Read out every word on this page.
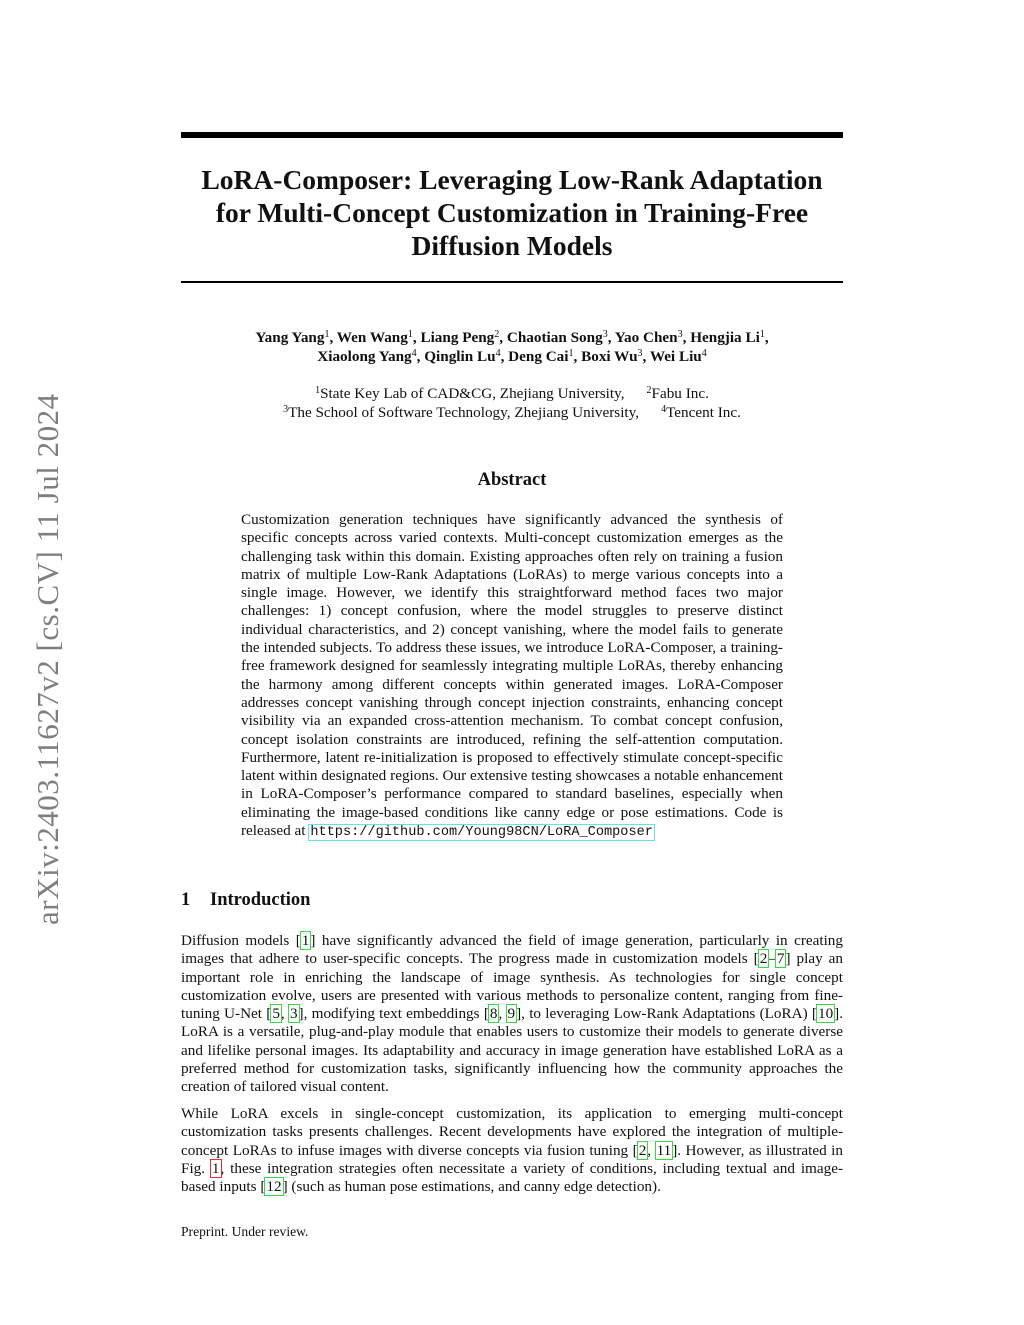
arXiv:2403.11627v2 [cs.CV] 11 Jul 2024
LoRA-Composer: Leveraging Low-Rank Adaptation
for Multi-Concept Customization in Training-Free
Diffusion Models
Yang Yang$^1$, Wen Wang$^1$, Liang Peng$^2$, Chaotian Song$^3$, Yao Chen$^3$, Hengjia Li$^1$,
Xiaolong Yang$^4$, Qinglin Lu$^4$, Deng Cai$^1$, Boxi Wu$^3$, Wei Liu$^4$
$^1$State Key Lab of CAD&CG, Zhejiang University, $^2$Fabu Inc.
$^3$The School of Software Technology, Zhejiang University, $^4$Tencent Inc.
Abstract
Customization generation techniques have significantly advanced the synthesis of specific concepts across varied contexts. Multi-concept customization emerges as the challenging task within this domain. Existing approaches often rely on training a fusion matrix of multiple Low-Rank Adaptations (LoRAs) to merge various concepts into a single image. However, we identify this straightforward method faces two major challenges: 1) concept confusion, where the model struggles to preserve distinct individual characteristics, and 2) concept vanishing, where the model fails to generate the intended subjects. To address these issues, we introduce LoRA-Composer, a training-free framework designed for seamlessly integrating multiple LoRAs, thereby enhancing the harmony among different concepts within generated images. LoRA-Composer addresses concept vanishing through concept injection constraints, enhancing concept visibility via an expanded cross-attention mechanism. To combat concept confusion, concept isolation constraints are introduced, refining the self-attention computation. Furthermore, latent re-initialization is proposed to effectively stimulate concept-specific latent within designated regions. Our extensive testing showcases a notable enhancement in LoRA-Composer’s performance compared to standard baselines, especially when eliminating the image-based conditions like canny edge or pose estimations. Code is released at https://github.com/Young98CN/LoRA_Composer
1 Introduction
Diffusion models [1] have significantly advanced the field of image generation, particularly in creating images that adhere to user-specific concepts. The progress made in customization models [2–7] play an important role in enriching the landscape of image synthesis. As technologies for single concept customization evolve, users are presented with various methods to personalize content, ranging from fine-tuning U-Net [5, 3], modifying text embeddings [8, 9], to leveraging Low-Rank Adaptations (LoRA) [10]. LoRA is a versatile, plug-and-play module that enables users to customize their models to generate diverse and lifelike personal images. Its adaptability and accuracy in image generation have established LoRA as a preferred method for customization tasks, significantly influencing how the community approaches the creation of tailored visual content.
While LoRA excels in single-concept customization, its application to emerging multi-concept customization tasks presents challenges. Recent developments have explored the integration of multiple-concept LoRAs to infuse images with diverse concepts via fusion tuning [2, 11]. However, as illustrated in Fig. 1, these integration strategies often necessitate a variety of conditions, including textual and image-based inputs [12] (such as human pose estimations, and canny edge detection).
Preprint. Under review.
